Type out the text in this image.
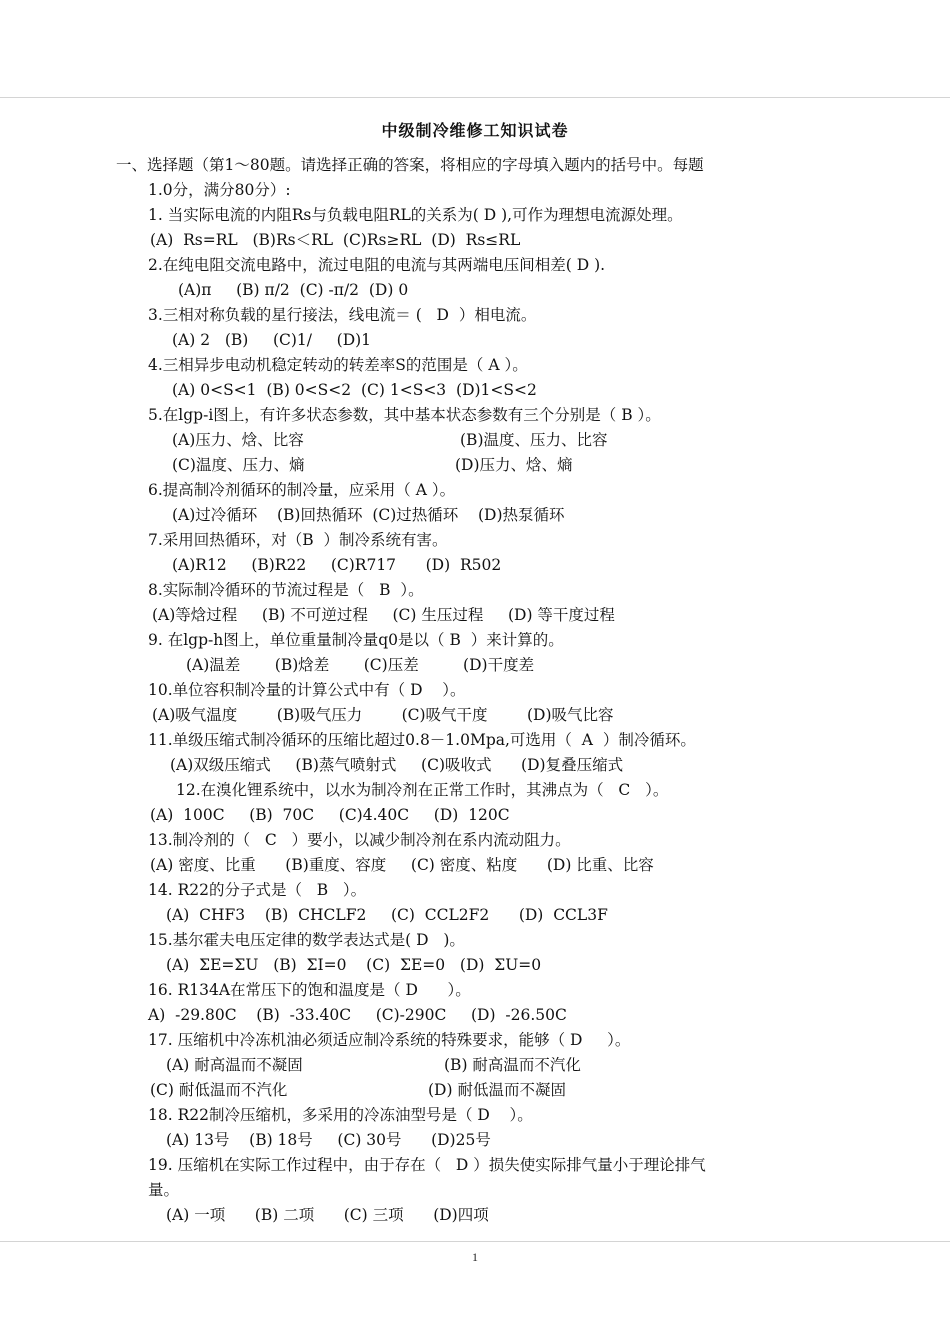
中级制冷维修工知识试卷
一、选择题（第1～80题。请选择正确的答案，将相应的字母填入题内的括号中。每题
1.0分，满分80分）:
1. 当实际电流的内阻Rs与负载电阻RL的关系为( D ),可作为理想电流源处理。
(A)  Rs=RL   (B)Rs＜RL  (C)Rs≥RL  (D)  Rs≤RL
2.在纯电阻交流电路中，流过电阻的电流与其两端电压间相差( D ).
(A)π     (B) π/2  (C) -π/2  (D) 0
3.三相对称负载的星行接法，线电流＝ (   D  ）相电流。
(A) 2   (B)     (C)1/     (D)1
4.三相异步电动机稳定转动的转差率S的范围是（ A ）。
(A) 0<S<1  (B) 0<S<2  (C) 1<S<3  (D)1<S<2
5.在lgp-i图上，有许多状态参数，其中基本状态参数有三个分别是（ B ）。
(A)压力、焓、比容	(B)温度、压力、比容
(C)温度、压力、熵	(D)压力、焓、熵
6.提高制冷剂循环的制冷量，应采用（ A ）。
(A)过冷循环    (B)回热循环  (C)过热循环    (D)热泵循环
7.采用回热循环，对（B  ）制冷系统有害。
(A)R12     (B)R22     (C)R717      (D)  R502
8.实际制冷循环的节流过程是（   B  ）。
(A)等焓过程     (B) 不可逆过程     (C) 生压过程     (D) 等干度过程
9. 在lgp-h图上，单位重量制冷量q0是以（ B  ）来计算的。
(A)温差       (B)焓差       (C)压差         (D)干度差
10.单位容积制冷量的计算公式中有（ D    ）。
(A)吸气温度        (B)吸气压力        (C)吸气干度        (D)吸气比容
11.单级压缩式制冷循环的压缩比超过0.8－1.0Mpa,可选用（  A  ）制冷循环。
(A)双级压缩式     (B)蒸气喷射式     (C)吸收式      (D)复叠压缩式
12.在溴化锂系统中，以水为制冷剂在正常工作时，其沸点为（   C   ）。
(A)  100C     (B)  70C     (C)4.40C     (D)  120C
13.制冷剂的（   C   ）要小，以减少制冷剂在系内流动阻力。
(A) 密度、比重      (B)重度、容度     (C) 密度、粘度      (D) 比重、比容
14. R22的分子式是（   B   ）。
(A)  CHF3    (B)  CHCLF2     (C)  CCL2F2      (D)  CCL3F
15.基尔霍夫电压定律的数学表达式是( D   )。
(A)  ΣE=ΣU   (B)  ΣI=0    (C)  ΣE=0   (D)  ΣU=0
16. R134A在常压下的饱和温度是（ D      ）。
A)  -29.80C    (B)  -33.40C     (C)-290C     (D)  -26.50C
17. 压缩机中冷冻机油必须适应制冷系统的特殊要求，能够（ D     ）。
(A) 耐高温而不凝固	(B) 耐高温而不汽化
(C) 耐低温而不汽化	(D) 耐低温而不凝固
18. R22制冷压缩机，多采用的冷冻油型号是（ D    ）。
(A) 13号    (B) 18号     (C) 30号      (D)25号
19. 压缩机在实际工作过程中，由于存在（   D ）损失使实际排气量小于理论排气
量。
(A) 一项      (B) 二项      (C) 三项      (D)四项
1
